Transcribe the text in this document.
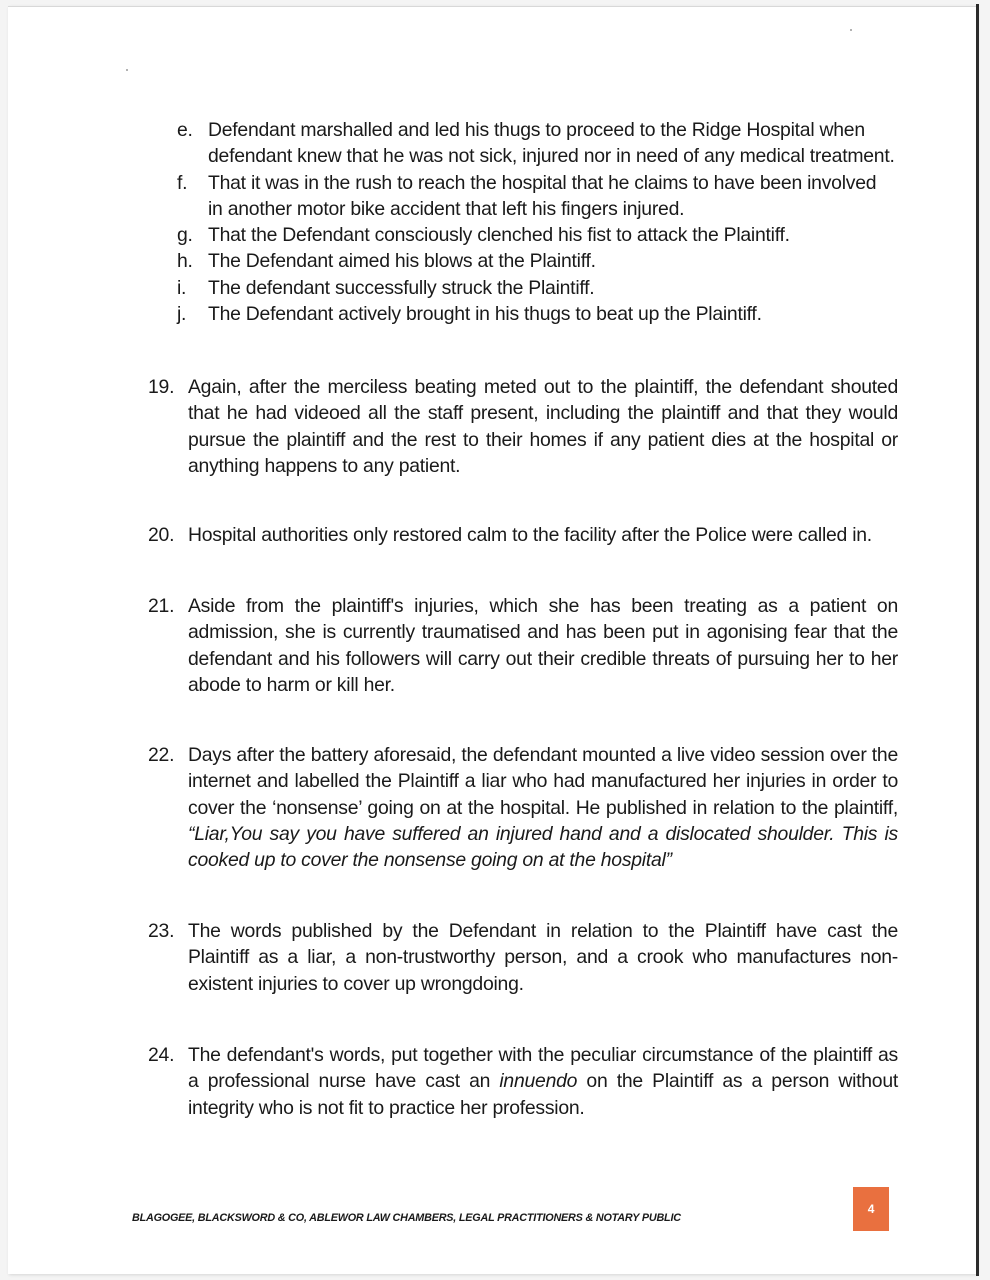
e. Defendant marshalled and led his thugs to proceed to the Ridge Hospital when defendant knew that he was not sick, injured nor in need of any medical treatment.
f.	That it was in the rush to reach the hospital that he claims to have been involved in another motor bike accident that left his fingers injured.
g. That the Defendant consciously clenched his fist to attack the Plaintiff.
h. The Defendant aimed his blows at the Plaintiff.
i.	The defendant successfully struck the Plaintiff.
j.	The Defendant actively brought in his thugs to beat up the Plaintiff.
19. Again, after the merciless beating meted out to the plaintiff, the defendant shouted that he had videoed all the staff present, including the plaintiff and that they would pursue the plaintiff and the rest to their homes if any patient dies at the hospital or anything happens to any patient.
20. Hospital authorities only restored calm to the facility after the Police were called in.
21. Aside from the plaintiff's injuries, which she has been treating as a patient on admission, she is currently traumatised and has been put in agonising fear that the defendant and his followers will carry out their credible threats of pursuing her to her abode to harm or kill her.
22. Days after the battery aforesaid, the defendant mounted a live video session over the internet and labelled the Plaintiff a liar who had manufactured her injuries in order to cover the ‘nonsense’ going on at the hospital. He published in relation to the plaintiff, “Liar,You say you have suffered an injured hand and a dislocated shoulder. This is cooked up to cover the nonsense going on at the hospital”
23. The words published by the Defendant in relation to the Plaintiff have cast the Plaintiff as a liar, a non-trustworthy person, and a crook who manufactures non-existent injuries to cover up wrongdoing.
24. The defendant's words, put together with the peculiar circumstance of the plaintiff as a professional nurse have cast an innuendo on the Plaintiff as a person without integrity who is not fit to practice her profession.
BLAGOGEE, BLACKSWORD & CO, ABLEWOR LAW CHAMBERS, LEGAL PRACTITIONERS & NOTARY PUBLIC
4
